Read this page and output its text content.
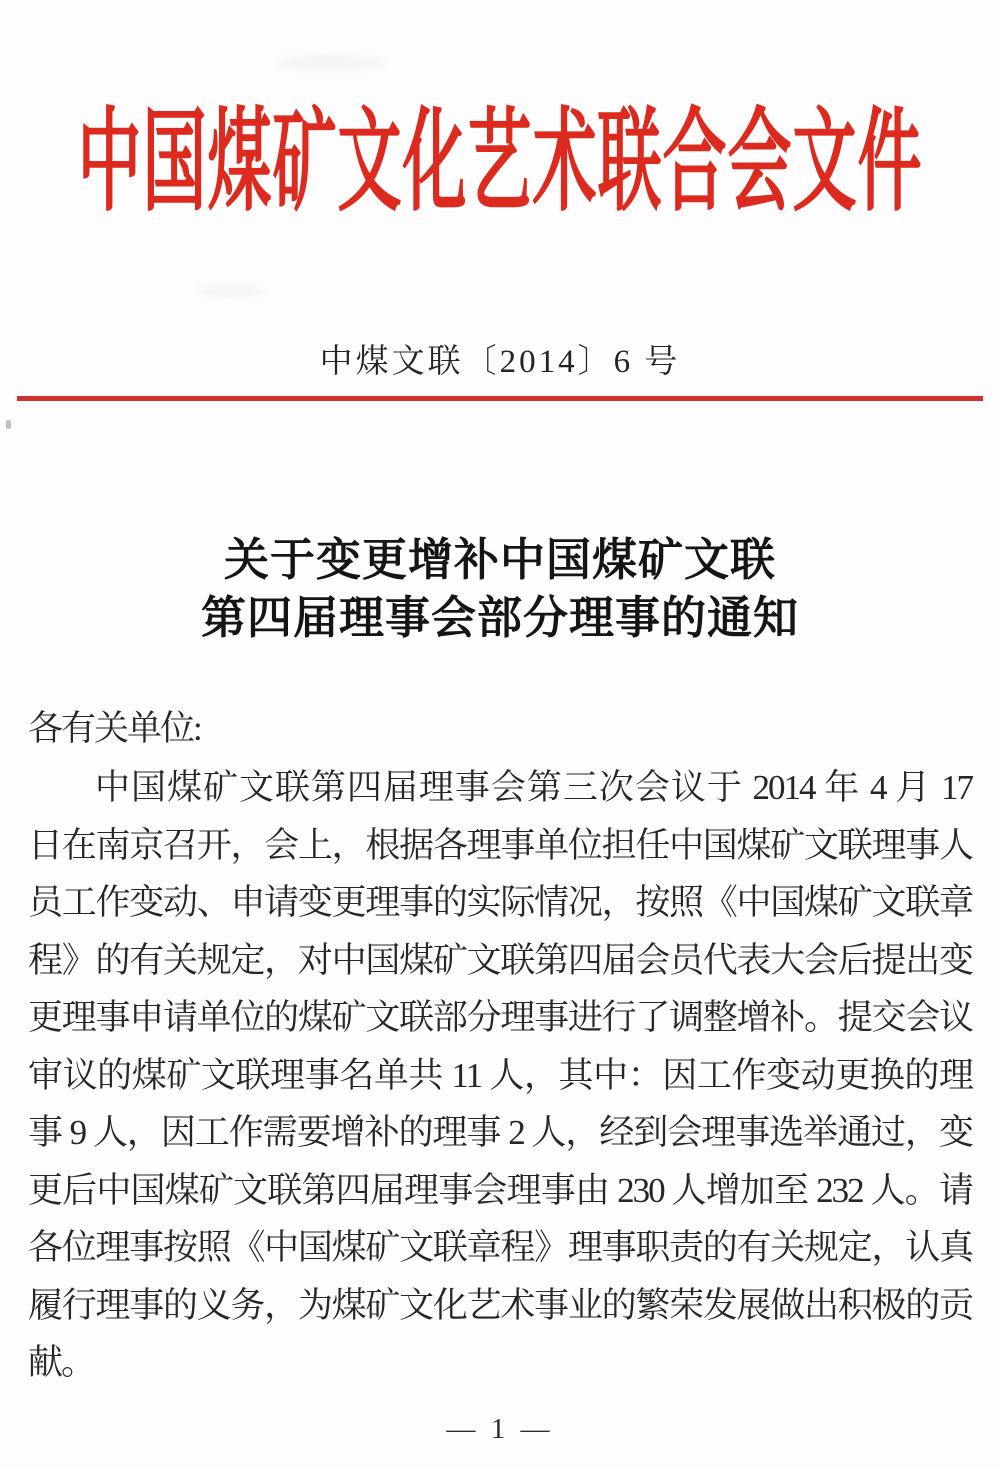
中国煤矿文化艺术联合会文件
中煤文联〔2014〕6 号
关于变更增补中国煤矿文联
第四届理事会部分理事的通知
各有关单位:
中国煤矿文联第四届理事会第三次会议于 2014 年 4 月 17
日在南京召开，会上，根据各理事单位担任中国煤矿文联理事人
员工作变动、申请变更理事的实际情况，按照《中国煤矿文联章
程》的有关规定，对中国煤矿文联第四届会员代表大会后提出变
更理事申请单位的煤矿文联部分理事进行了调整增补。提交会议
审议的煤矿文联理事名单共 11 人，其中：因工作变动更换的理
事 9 人，因工作需要增补的理事 2 人，经到会理事选举通过，变
更后中国煤矿文联第四届理事会理事由 230 人增加至 232 人。请
各位理事按照《中国煤矿文联章程》理事职责的有关规定，认真
履行理事的义务，为煤矿文化艺术事业的繁荣发展做出积极的贡
献。
— 1 —
